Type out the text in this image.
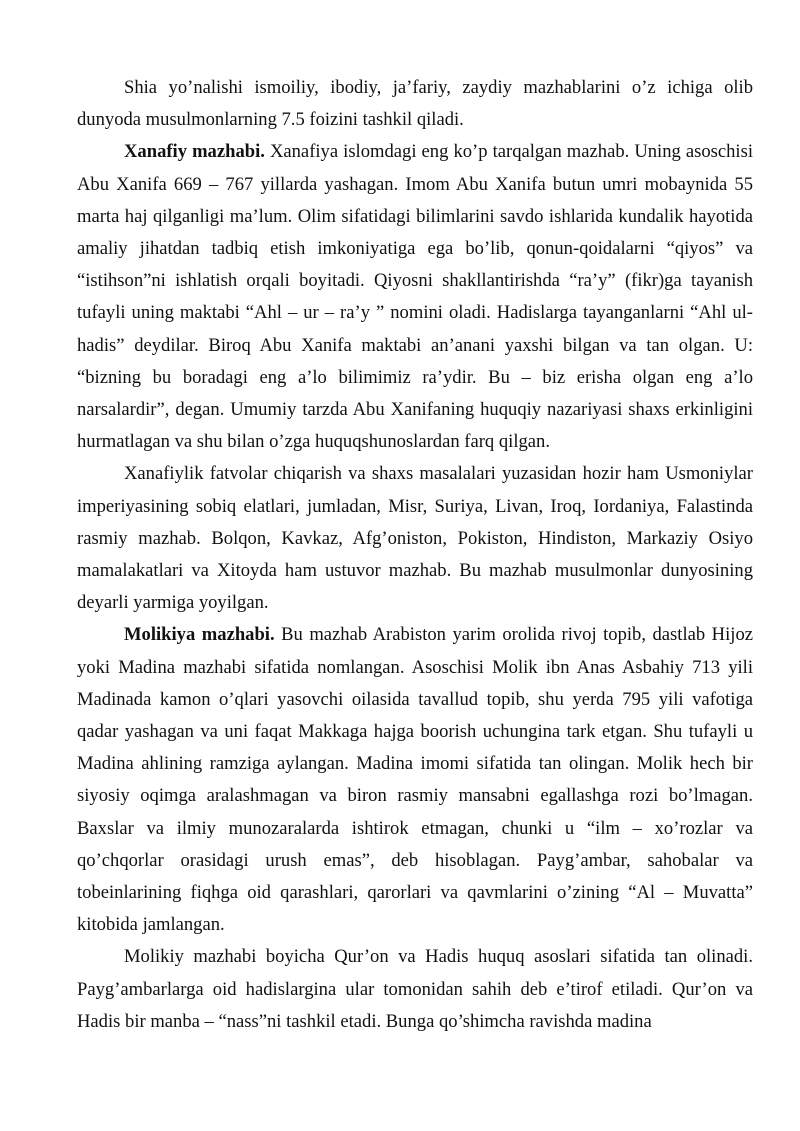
Shia yo’nalishi ismoiliy, ibodiy, ja’fariy, zaydiy mazhablarini o’z ichiga olib dunyoda musulmonlarning 7.5 foizini tashkil qiladi.

Xanafiy mazhabi. Xanafiya islomdagi eng ko’p tarqalgan mazhab. Uning asoschisi Abu Xanifa 669 – 767 yillarda yashagan. Imom Abu Xanifa butun umri mobaynida 55 marta haj qilganligi ma’lum. Olim sifatidagi bilimlarini savdo ishlarida kundalik hayotida amaliy jihatdan tadbiq etish imkoniyatiga ega bo’lib, qonun-qoidalarni “qiyos” va “istihson”ni ishlatish orqali boyitadi. Qiyosni shakllantirishda “ra’y” (fikr)ga tayanish tufayli uning maktabi “Ahl – ur – ra’y ” nomini oladi. Hadislarga tayanganlarni “Ahl ul-hadis” deydilar. Biroq Abu Xanifa maktabi an’anani yaxshi bilgan va tan olgan. U: “bizning bu boradagi eng a’lo bilimimiz ra’ydir. Bu – biz erisha olgan eng a’lo narsalardir”, degan. Umumiy tarzda Abu Xanifaning huquqiy nazariyasi shaxs erkinligini hurmatlagan va shu bilan o’zga huquqshunoslardan farq qilgan.

Xanafiylik fatvolar chiqarish va shaxs masalalari yuzasidan hozir ham Usmoniylar imperiyasining sobiq elatlari, jumladan, Misr, Suriya, Livan, Iroq, Iordaniya, Falastinda rasmiy mazhab. Bolqon, Kavkaz, Afg’oniston, Pokiston, Hindiston, Markaziy Osiyo mamalakatlari va Xitoyda ham ustuvor mazhab. Bu mazhab musulmonlar dunyosining deyarli yarmiga yoyilgan.

Molikiya mazhabi. Bu mazhab Arabiston yarim orolida rivoj topib, dastlab Hijoz yoki Madina mazhabi sifatida nomlangan. Asoschisi Molik ibn Anas Asbahiy 713 yili Madinada kamon o’qlari yasovchi oilasida tavallud topib, shu yerda 795 yili vafotiga qadar yashagan va uni faqat Makkaga hajga boorish uchungina tark etgan. Shu tufayli u Madina ahlining ramziga aylangan. Madina imomi sifatida tan olingan. Molik hech bir siyosiy oqimga aralashmagan va biron rasmiy mansabni egallashga rozi bo’lmagan. Baxslar va ilmiy munozaralarda ishtirok etmagan, chunki u “ilm – xo’rozlar va qo’chqorlar orasidagi urush emas”, deb hisoblagan. Payg’ambar, sahobalar va tobeinlarining fiqhga oid qarashlari, qarorlari va qavmlarini o’zining “Al – Muvatta” kitobida jamlangan.

Molikiy mazhabi boyicha Qur’on va Hadis huquq asoslari sifatida tan olinadi. Payg’ambarlarga oid hadislargina ular tomonidan sahih deb e’tirof etiladi. Qur’on va Hadis bir manba – “nass”ni tashkil etadi. Bunga qo’shimcha ravishda madina
